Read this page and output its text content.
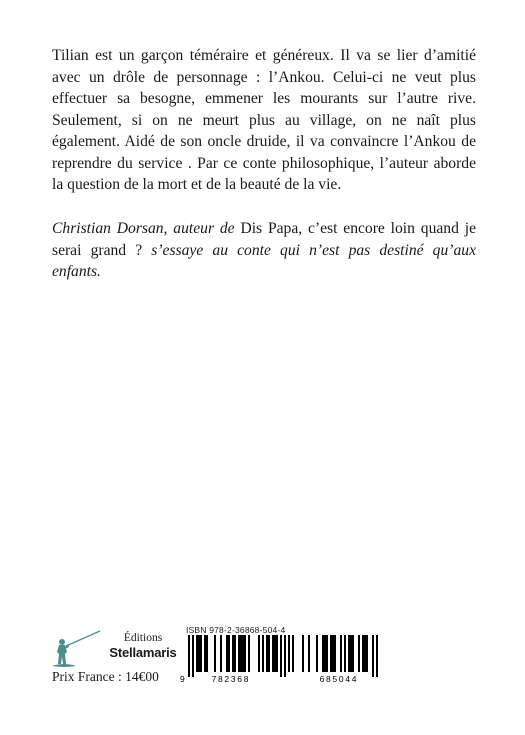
Tilian est un garçon téméraire et généreux. Il va se lier d’amitié avec un drôle de personnage : l’Ankou. Celui-ci ne veut plus effectuer sa besogne, emmener les mourants sur l’autre rive. Seulement, si on ne meurt plus au village, on ne naît plus également. Aidé de son oncle druide, il va convaincre l’Ankou de reprendre du service . Par ce conte philosophique, l’auteur aborde la question de la mort et de la beauté de la vie.

Christian Dorsan, auteur de Dis Papa, c’est encore loin quand je serai grand ? s’essaye au conte qui n’est pas destiné qu’aux enfants.

Éditions
Stellamaris
Prix France : 14€00
ISBN 978-2-36868-504-4
9	7 8 2 3 6 8	6 8 5 0 4 4
